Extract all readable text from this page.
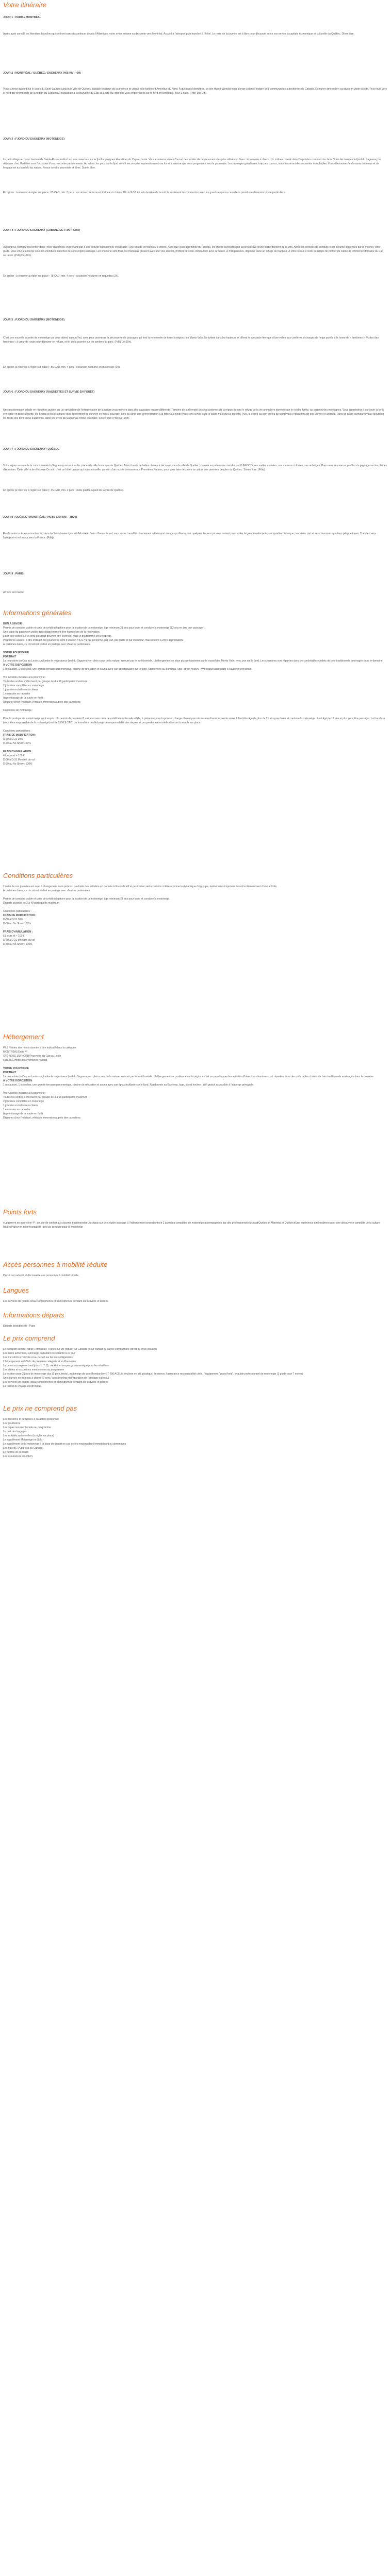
Votre itinéraire
JOUR 1 : PARIS / MONTRÉAL

Après avoir survolé les étendues blanches qui s’étirent sans discontinuer depuis l’Atlantique, votre avion entame sa descente vers Montréal. Accueil à l’aéroport puis transfert à l’hôtel. Le reste de la journée est à libre pour découvrir selon vos envies la capitale économique et culturelle du Québec. Dîner libre.

JOUR 2 : MONTRÉAL / QUÉBEC / SAGUENAY (465 KM – 6H)

Vous suivrez aujourd’hui le cours du Saint-Laurent jusqu’à la ville de Québec, capitale politique de la province et unique ville fortifiée d’Amérique du Nord. À quelques kilomètres, un site Huron-Wendat vous plonge à dans l’histoire des communautés autochtones du Canada. Déjeuner amérindien sur place et visite du site. Puis route vers le nord par promenade de la région du Saguenay. Installation à la pourvoirie du Cap au Leste qui offre des vues imprenables sur le fjord en contrebas, pour 3 nuits. (Pdéj-Déj-Dîn).

JOUR 3 : FJORD DU SAGUENAY (MOTONEIGE)

Le petit village au nom chantant de Sainte-Rose-du-Nord est une ouverture sur le fjord à quelques kilomètres du Cap au Leste. Vous essaierez aujourd’hui un des modes de déplacements les plus utilisés en hiver : le traîneau à chiens. Un traîneau mené dans l’esprit des coureurs des bois. Vous découvrirez le fjord du Saguenay, le déjeuner chez l’habitant sera l’occasion d’une rencontre passionnante. Au retour, les yeux sur le fjord seront encore plus impressionnants au fur et à mesure que vous progressez vers la pourvoirie. Les paysages grandioses, trop peu connus, vous laisseront des souvenirs inoubliables. Vous découvrirez le domaine du temps et de l’espace en au bord du lac nature. Retour à votre pourvoirie et dîner. Soirée libre.

En option : à réserver à régler sur place : 85 CAD, min. 5 pers : excursion nocturne en traîneau à chiens. Dîn à 3h30. Ici, à la lumière de la nuit, le sentiment de communion avec les grands espaces canadiens prend une dimension toute particulière.

JOUR 4 : FJORD DU SAGUENAY (CABANE DE TRAPPEUR)

Aujourd’hui, plongez tout entier dans l’hiver québécois en prenant part à une activité traditionnelle inoubliable : une balade en traîneau à chiens. Alors que vous approchez de l’enclos, les chiens surexcités par la perspective d’une sortie donnent de la voix. Après les conseils de conduite et de sécurité dispensés par le musher, votre guide, vous vous élancerez sous les étendues blanches de cette région sauvage. Les chiens te sont tous, les traîneaux glissent avec une vive alacrité, profitez de cette communion avec la nature. À midi passées, déjeuner dans un refuge de trappeur. À votre retour, il reste du temps de profiter du calme de l’immense domaine du Cap au Leste. (Pdéj-Déj-Dîn).

En option : à réserver à régler sur place : 78 CAD, min. 4 pers : excursion nocturne en raquettes (2h).

JOUR 5 : FJORD DU SAGUENAY (MOTONEIGE)

C’est une nouvelle journée de motoneige qui vous attend aujourd’hui, avec pour promesse la découverte de paysages qui font la renommée de toute la région : les Monts Valin. Ils évitent dans les hauteurs et offrent le spectacle féerique d’une vallée aux conifères si chargés de neige qu’elle a la forme de « fantômes ». Visites des fantômes « à cœur de route pour déjeuner en refuge, et fin de la journée sur les sentiers du parc. (Pdéj-Déj-Dîn).

En option (à réserver à régler sur place) : 85 CAD, min. 4 pers : excursion nocturne en motoneige (2h).

JOUR 6 : FJORD DU SAGUENAY (RAQUETTES ET SURVIE EN FORÊT)

Une passionnante balade en raquettes guidée par un spécialiste de l’interprétation de la nature vous mènera dans des paysages encore différents. Témoins de la diversité des écosystèmes de la région ils sont le refuge de la vie animalière dominée par le roi des forêts, au sommet des montagnes. Vous apprendrez à parcourir la forêt enneigée en toute sécurité, les gestes et les pratiques vous permettront de survivre en milieu sauvage. Lors du dîner une démonstration à la fonte à la neige vous sera servie dans le cadre majestueux du fjord. Puis, la soirée au coin du feu de camp vous réchauffera de ses ultimes et uniques. Dans ce cadre surnaturel vous écouterez les récits des bons vieux d’autrefois, dans les terres du Saguenay, retour au chalet. Soirée libre (Pdéj-Déj-Dîn).

JOUR 7 : FJORD DU SAGUENAY / QUÉBEC

Votre séjour au sein de la communauté du Saguenay arrive à sa fin, place à la ville historique de Québec. Mais il reste de belles choses à découvrir dans la ville de Québec, classée au patrimoine mondial par l’UNESCO, ses ruelles animées, ses maisons colorées, ses auberges. Parcourez ses rues et profitez du paysage sur les plaines d’Abraham. Cette ville riche d’histoire Ce soir, c’est un hôtel unique qui vous accueille, au sein d’un musée consacré aux Premières Nations, pour vous faire découvrir la culture des premiers peuples du Québec. Soirée libre. (Pdéj).

En option (à réserver à régler sur place) : 35 CAD, min. 4 pers : visite guidée à pied de la ville de Québec.

JOUR 8 : QUÉBEC / MONTRÉAL / PARIS (254 KM – 3H30)

Fin de votre route en remontant le cours du Saint-Laurent jusqu’à Montréal. Selon l’heure de vol, vous serez transféré directement à l’aéroport ou vous profiterez des quelques heures qui vous restent pour visiter la grande métropole, son quartier historique, ses vieux port et ses charmants quartiers périphériques. Transfert vers l’aéroport et vol retour vers la France. (Pdéj).

JOUR 9 : PARIS

Arrivée en France.

Informations générales
BON À SAVOIR
Permis de conduire valide et carte de crédit obligatoire pour la location de la motoneige, âge minimum 21 ans pour louer et conduire la motoneige (12 ans en tant que passager).
Une copie du passeport valide doit obligatoirement être fournie lors de la réservation.
Lisez des visites sur le sens du circuit peuvent être inversés, mais le programme sera respecté.
Pourboires usuels : à titre indicatif, les pourboires sont d’environ 4 $ à 7 $ par personne, par jour, par guide et par chauffeur, mais restent à votre appréciation.
À certaines dates, ce circuit est réalisé en partage avec d’autres partenaires.
VOTRE POURVOIRIE
PORTRAIT
La pourvoirie du Cap au Leste surplombe le majestueux fjord du Saguenay en plein cœur de la nature, entouré par le forêt boréale. L’hébergement se situe plus précisément sur le massif des Monts Valin, avec vue sur le fjord. Les chambres sont réparties dans de confortables chalets de bois traditionnels aménagés dans le domaine.
À VOTRE DISPOSITION
1 restaurant, 1 bistro bar, une grande terrasse panoramique, piscine de relaxation et sauna avec vue spectaculaire sur le fjord. Randonnée au Bandeau, luge, street hockey ; Wifi gratuit accessible à l’auberge principale.
Vos Activités Incluses à la pourvoirie :
Toutes les sorties s’effectuent par groupe de 4 à 16 participants maximum
2 journées complètes en motoneige
1 journée en traîneau à chiens
1 excursion en raquette
Apprentissage de la survie en forêt
Déjeuner chez l’habitant, véritable immersion auprès des canadiens
Conditions de motoneige :
Pour la pratique de la motoneige sont requis : Un permis de conduire B valide et une carte de crédit internationale valide, à présenter pour la prise en charge. Il n’est pas nécessaire d’avoir le permis moto. Il faut être âgé de plus de 21 ans pour louer et conduire la motoneige. Il est âgé de 12 ans et plus pour être passager. La franchise (vous êtes responsable de la motoneige) est de 2500 $ CAD. Un formulaire de décharge de responsabilité des risques et un questionnaire médical seront à remplir sur place.
Conditions particulières :
FRAIS DE MODIFICATION :
D-60 à D-21 30%
D-30 au No Show 100%
FRAIS D’ANNULATION :
41 jours et + 100 €
D-60 à D-31 Montant du vol
D-30 au No Show : 100%
Conditions particulières
L’ordre de ces journées est sujet à changement sans préavis. La durée des activités est donnée à titre indicatif et peut varier selon certains critères comme la dynamique du groupe, événements imprévus durant le déroulement d’une activité.
À certaines dates, ce circuit est réalisé en partage avec d’autres partenaires.
Permis de conduire valide et carte de crédit obligatoire pour la location de la motoneige, âge minimum 21 ans pour louer et conduire la motoneige.
Départs garantis de 2 à 49 participants maximum
Conditions particulières :
FRAIS DE MODIFICATION :
D-60 à D-31 30%
D-30 au No Show 100%
FRAIS D’ANNULATION :
61 jours et + 100 €
D-60 à D-31 Montant du vol
D-30 au No Show : 100%
Hébergement
PILL / Notes des hôtels donnée à titre indicatif dans la catégorie
MONTRÉAL/Delta 4*
STE-ROSE DU NORD/Pourvoirie du Cap au Leste
QUÉBEC/Hôtel des Premières nations
VOTRE POURVOIRIE
PORTRAIT
La pourvoirie du Cap au Leste surplombe le majestueux fjord du Saguenay en plein cœur de la nature, entouré par le forêt boréale. L’hébergement se positionné sur la région en fait un paradis pour les activités d’hiver. Les chambres sont réparties dans de confortables chalets de bois traditionnels aménagés dans le domaine.
À VOTRE DISPOSITION
1 restaurant, 1 bistro bar, une grande terrasse panoramique, piscine de relaxation et sauna avec vue époustouflante sur le fjord. Randonnée au Bandeau, luge, street hockey ; Wifi gratuit accessible à l’auberge principale.
Vos Activités Incluses à la pourvoirie :
Toutes les sorties s’effectuent par groupe de 4 à 16 participants maximum
2 journées complètes en motoneige
1 journée en traîneau à chiens
1 excursion en raquette
Apprentissage de la survie en forêt
Déjeuner chez l’habitant, véritable immersion auprès des canadiens
Points forts

●Logement en pourvoirie 4* : un site de confort aux accents traditionnels●Un séjour sur une région sauvage à l’hébergement exceptionnel● 2 journées complètes de motoneige accompagnées par des professionnels locaux●Québec et Montréal et Québec●Une expérience amérindienne pour une découverte complète de la culture locale●Parlez en toute tranquillité : prix de conduite pour la motoneige

Accès personnes à mobilité réduite

Circuit non adapté et déconseillé aux personnes à mobilité réduite.

Langues

Les services de guides locaux anglophones et francophones pendant les activités et soirées

Informations départs

Départs possibles de : Paris

Le prix comprend
Le transport aérien France / Montréal / France sur vol régulier Air Canada ou Air transat ou autres compagnies (direct ou avec escales)
Les taxes aériennes, surcharge carburant et solidarité à ce jour
Les transferts à l’arrivée et au départ sur les vols obligatoires
L’hébergement en hôtels de première catégorie et en Pourvoirie
La pension complète (sauf jours 1, 7, 8), cocktail et souper gastronomique pour les réveillons
Les visites et excursions mentionnées au programme
La location pour 2 jours de motoneige duo (2 pers./moto), motoneige de type Bombardier GT 600 ACE, la coulisse en ski, plastique, l’essence, l’assurance responsabilité civile, l’équipement "grand froid", le guide professionnel de motoneige (1 guide pour 7 motos)
Une journée en traîneau à chiens (2 pers./ avec briefing et préparation de l’attelage traîneau)
Les services de guides locaux anglophones et francophones pendant les activités et soirées
La carnet de voyage électronique.
Le prix ne comprend pas
Les boissons et dépenses à caractère personnel
Les pourboires
Les repas non mentionnés au programme
Le port des bagages
Les activités optionnelles (à régler sur place)
Le supplément Motoneige en Solo
Le supplément de la motoneige à la base de départ en cas de tirs responsable l’immobilisant ou dommages
Les frais d’ETA du visa du Canada
Le permis de conduire
Les assurances en option
